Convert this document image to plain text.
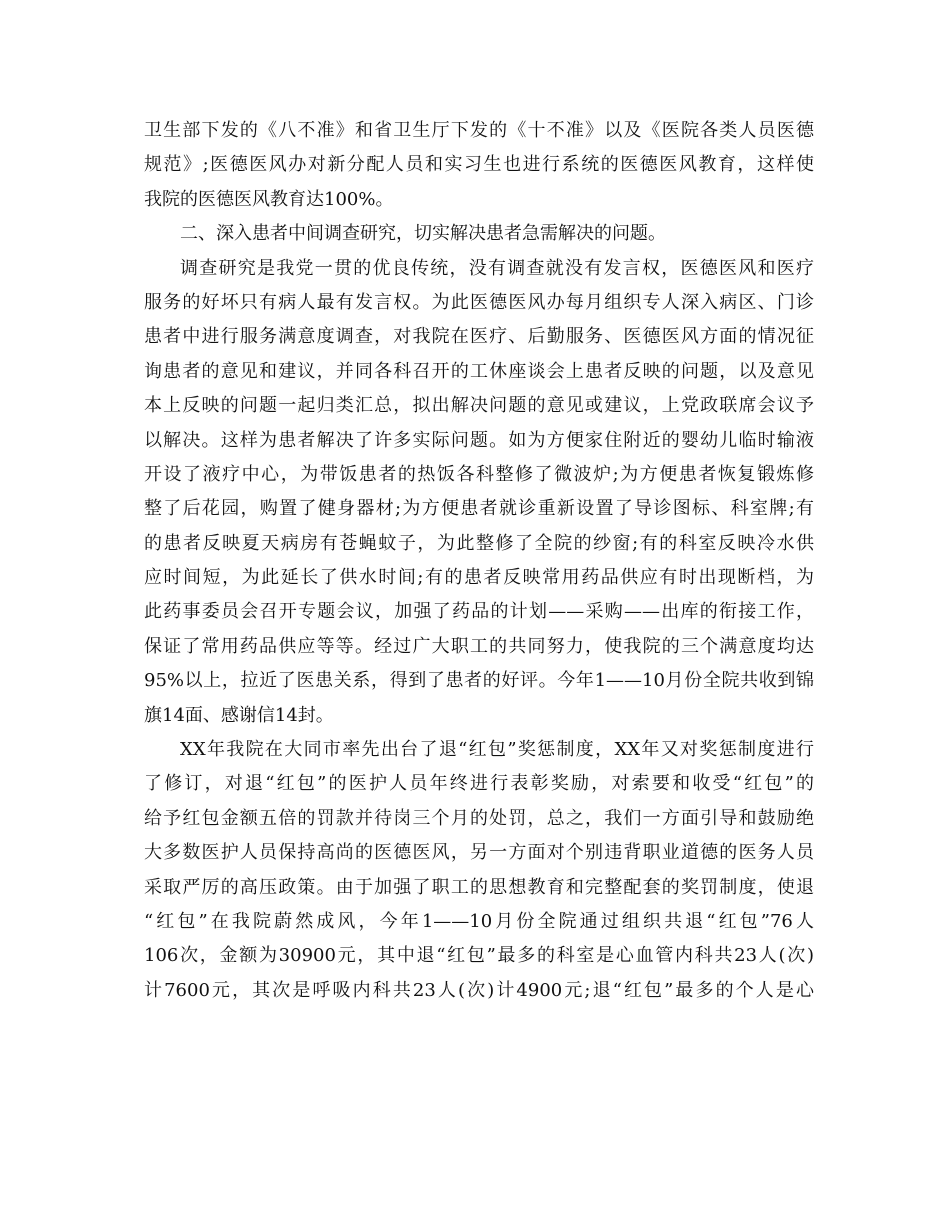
卫生部下发的《八不准》和省卫生厅下发的《十不准》以及《医院各类人员医德
规范》;医德医风办对新分配人员和实习生也进行系统的医德医风教育，这样使
我院的医德医风教育达100%。
二、深入患者中间调查研究，切实解决患者急需解决的问题。
调查研究是我党一贯的优良传统，没有调查就没有发言权，医德医风和医疗
服务的好坏只有病人最有发言权。为此医德医风办每月组织专人深入病区、门诊
患者中进行服务满意度调查，对我院在医疗、后勤服务、医德医风方面的情况征
询患者的意见和建议，并同各科召开的工休座谈会上患者反映的问题，以及意见
本上反映的问题一起归类汇总，拟出解决问题的意见或建议，上党政联席会议予
以解决。这样为患者解决了许多实际问题。如为方便家住附近的婴幼儿临时输液
开设了液疗中心，为带饭患者的热饭各科整修了微波炉;为方便患者恢复锻炼修
整了后花园，购置了健身器材;为方便患者就诊重新设置了导诊图标、科室牌;有
的患者反映夏天病房有苍蝇蚊子，为此整修了全院的纱窗;有的科室反映冷水供
应时间短，为此延长了供水时间;有的患者反映常用药品供应有时出现断档，为
此药事委员会召开专题会议，加强了药品的计划——采购——出库的衔接工作，
保证了常用药品供应等等。经过广大职工的共同努力，使我院的三个满意度均达
95%以上，拉近了医患关系，得到了患者的好评。今年1——10月份全院共收到锦
旗14面、感谢信14封。
XX年我院在大同市率先出台了退“红包”奖惩制度，XX年又对奖惩制度进行
了修订，对退“红包”的医护人员年终进行表彰奖励，对索要和收受“红包”的
给予红包金额五倍的罚款并待岗三个月的处罚，总之，我们一方面引导和鼓励绝
大多数医护人员保持高尚的医德医风，另一方面对个别违背职业道德的医务人员
采取严厉的高压政策。由于加强了职工的思想教育和完整配套的奖罚制度，使退
“红包”在我院蔚然成风，今年1——10月份全院通过组织共退“红包”76人
106次，金额为30900元，其中退“红包”最多的科室是心血管内科共23人(次)
计7600元，其次是呼吸内科共23人(次)计4900元;退“红包”最多的个人是心
